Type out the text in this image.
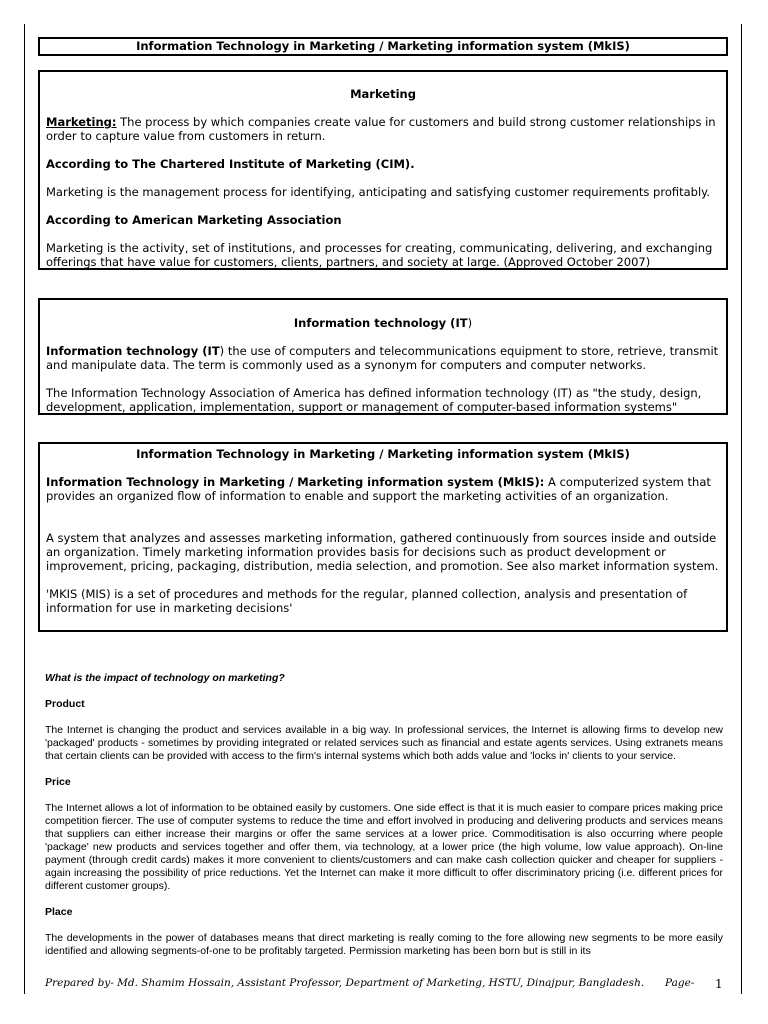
Information Technology in Marketing / Marketing information system (MkIS)
Marketing

Marketing: The process by which companies create value for customers and build strong customer relationships in order to capture value from customers in return.

According to The Chartered Institute of Marketing (CIM).

Marketing is the management process for identifying, anticipating and satisfying customer requirements profitably.

According to American Marketing Association

Marketing is the activity, set of institutions, and processes for creating, communicating, delivering, and exchanging offerings that have value for customers, clients, partners, and society at large. (Approved October 2007)

Information technology (IT)

Information technology (IT) the use of computers and telecommunications equipment to store, retrieve, transmit and manipulate data. The term is commonly used as a synonym for computers and computer networks.

The Information Technology Association of America has defined information technology (IT) as "the study, design, development, application, implementation, support or management of computer-based information systems"

Information Technology in Marketing / Marketing information system (MkIS)

Information Technology in Marketing / Marketing information system (MkIS): A computerized system that provides an organized flow of information to enable and support the marketing activities of an organization.

A system that analyzes and assesses marketing information, gathered continuously from sources inside and outside an organization. Timely marketing information provides basis for decisions such as product development or improvement, pricing, packaging, distribution, media selection, and promotion. See also market information system.

'MKIS (MIS) is a set of procedures and methods for the regular, planned collection, analysis and presentation of information for use in marketing decisions'

What is the impact of technology on marketing?

Product

The Internet is changing the product and services available in a big way. In professional services, the Internet is allowing firms to develop new 'packaged' products - sometimes by providing integrated or related services such as financial and estate agents services. Using extranets means that certain clients can be provided with access to the firm's internal systems which both adds value and 'locks in' clients to your service.

Price

The Internet allows a lot of information to be obtained easily by customers. One side effect is that it is much easier to compare prices making price competition fiercer. The use of computer systems to reduce the time and effort involved in producing and delivering products and services means that suppliers can either increase their margins or offer the same services at a lower price. Commoditisation is also occurring where people 'package' new products and services together and offer them, via technology, at a lower price (the high volume, low value approach). On-line payment (through credit cards) makes it more convenient to clients/customers and can make cash collection quicker and cheaper for suppliers - again increasing the possibility of price reductions. Yet the Internet can make it more difficult to offer discriminatory pricing (i.e. different prices for different customer groups).

Place

The developments in the power of databases means that direct marketing is really coming to the fore allowing new segments to be more easily identified and allowing segments-of-one to be profitably targeted. Permission marketing has been born but is still in its

Prepared by- Md. Shamim Hossain, Assistant Professor, Department of Marketing, HSTU, Dinajpur, Bangladesh. Page- 1
